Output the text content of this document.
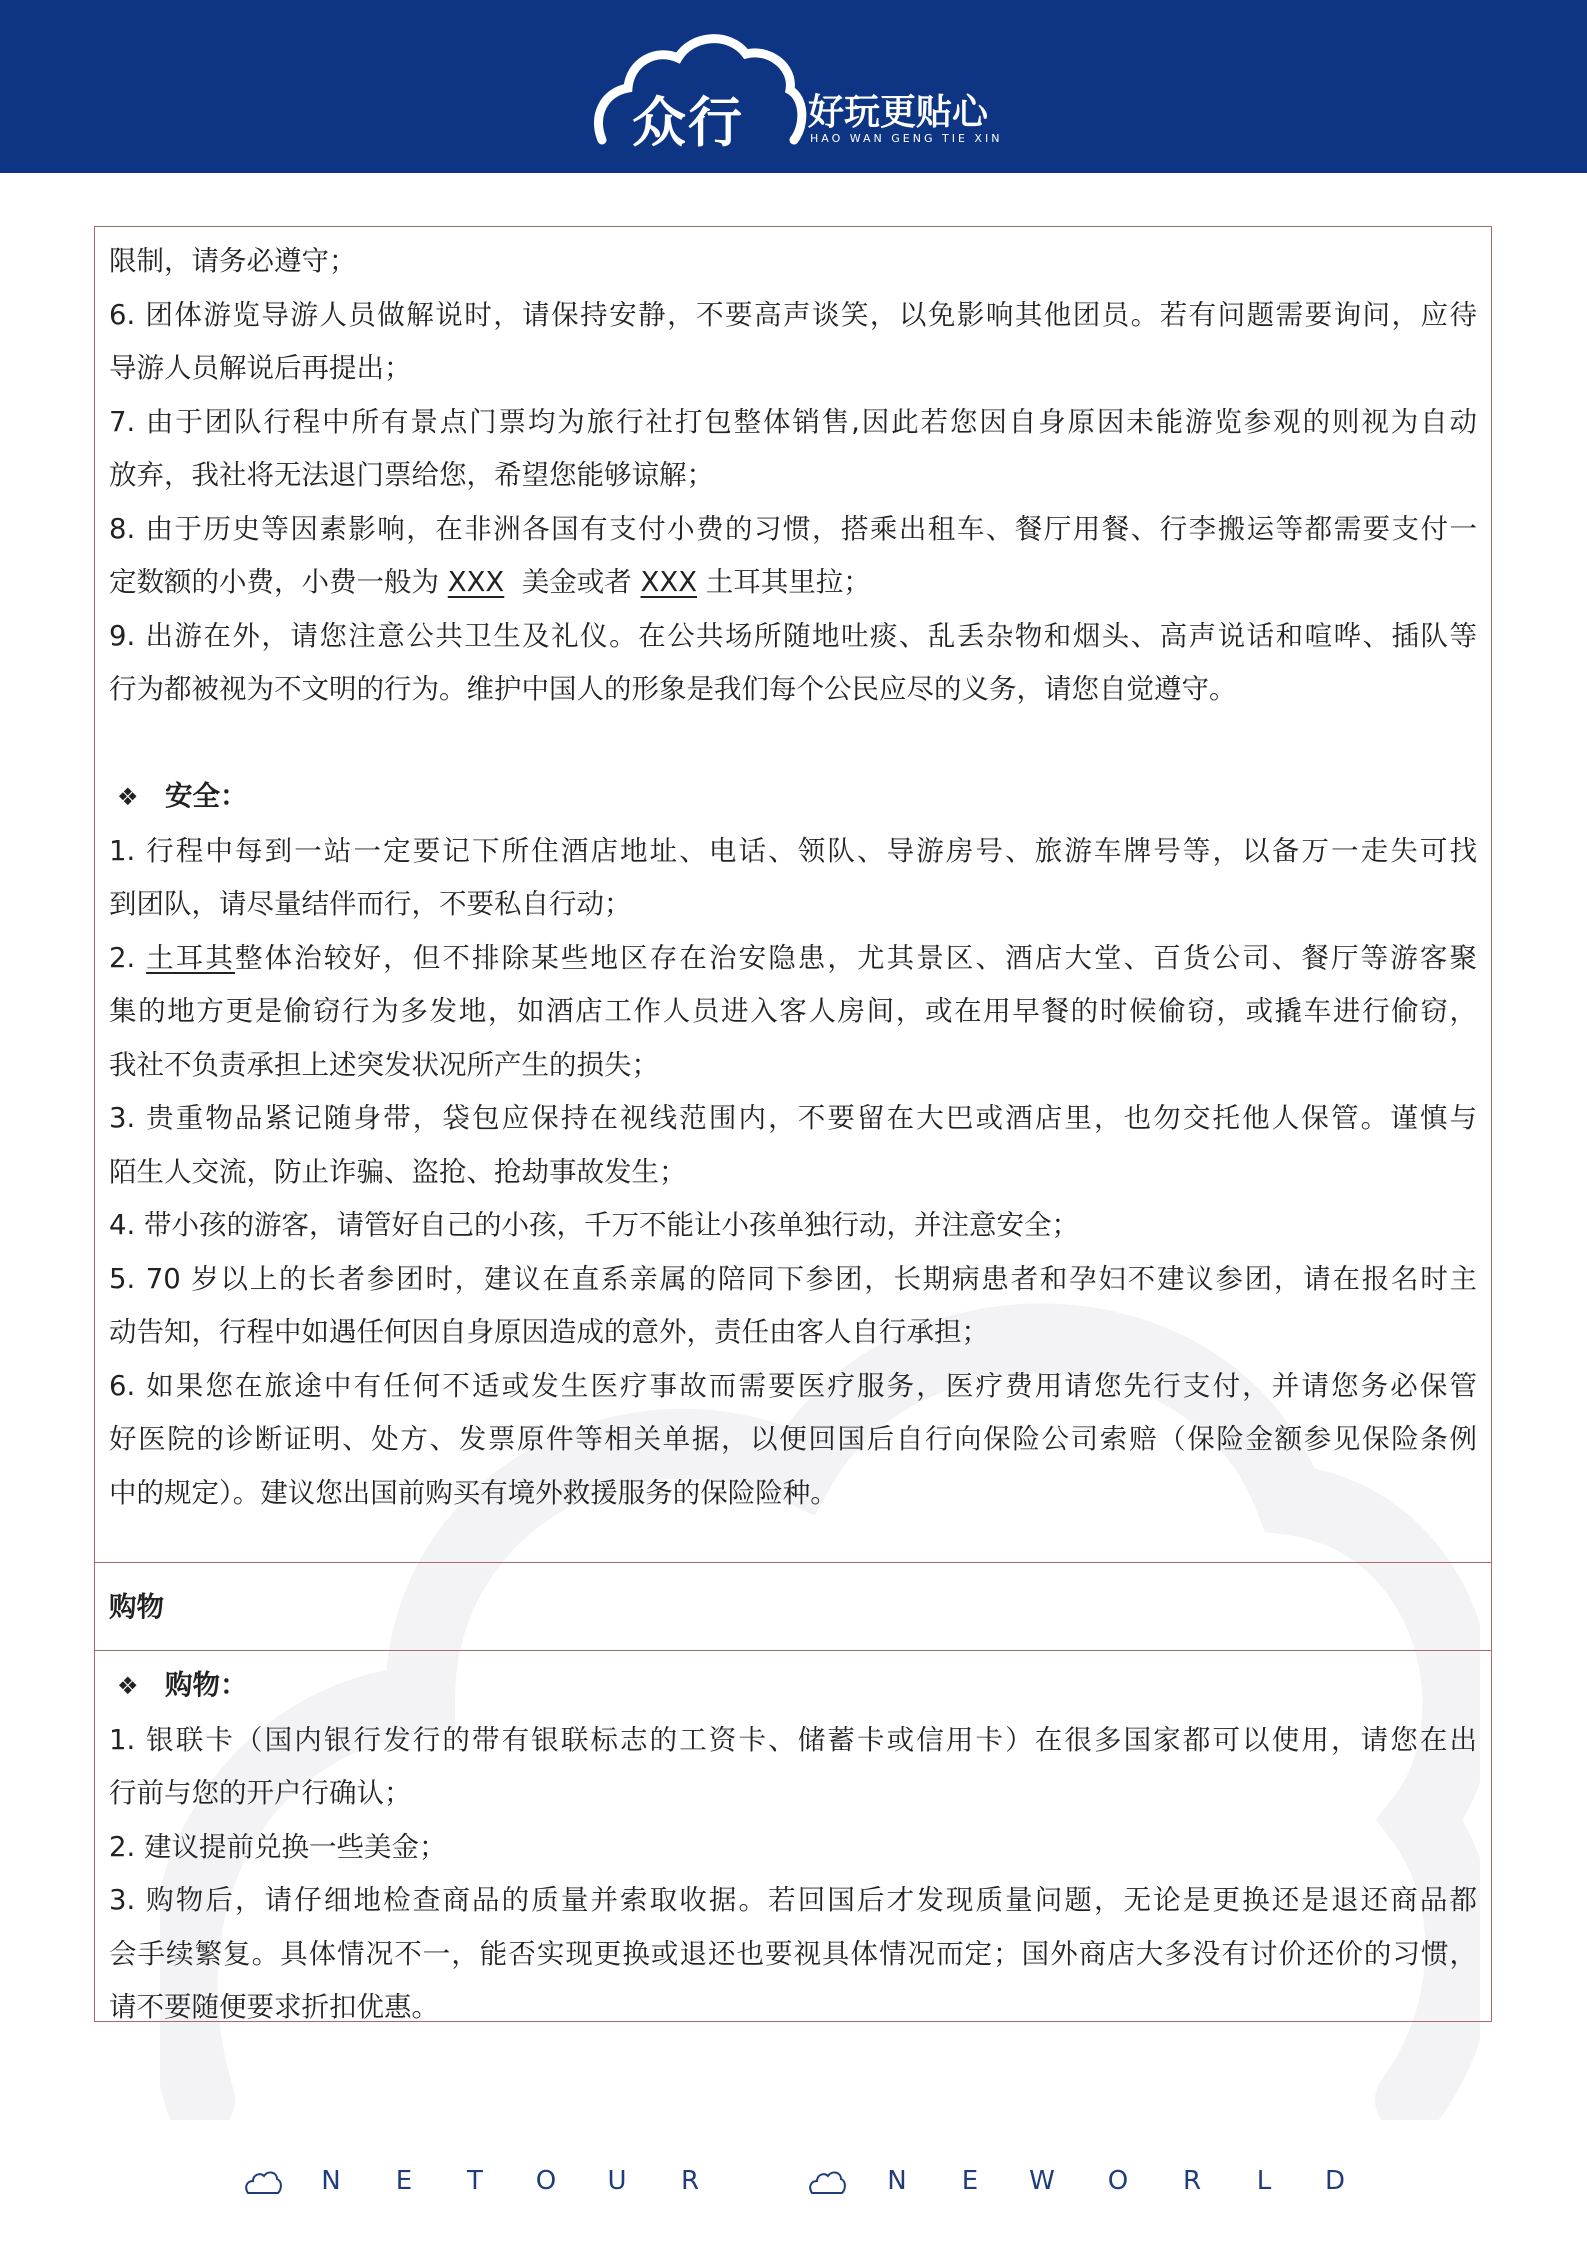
众行 好玩更贴心
HAO WAN GENG TIE XIN
限制，请务必遵守；
6. 团体游览导游人员做解说时，请保持安静，不要高声谈笑，以免影响其他团员。若有问题需要询问，应待
导游人员解说后再提出；
7. 由于团队行程中所有景点门票均为旅行社打包整体销售,因此若您因自身原因未能游览参观的则视为自动
放弃，我社将无法退门票给您，希望您能够谅解；
8. 由于历史等因素影响，在非洲各国有支付小费的习惯，搭乘出租车、餐厅用餐、行李搬运等都需要支付一
定数额的小费，小费一般为 XXX  美金或者 XXX 土耳其里拉；
9. 出游在外，请您注意公共卫生及礼仪。在公共场所随地吐痰、乱丢杂物和烟头、高声说话和喧哗、插队等
行为都被视为不文明的行为。维护中国人的形象是我们每个公民应尽的义务，请您自觉遵守。
❖ 安全：
1. 行程中每到一站一定要记下所住酒店地址、电话、领队、导游房号、旅游车牌号等，以备万一走失可找
到团队，请尽量结伴而行，不要私自行动；
2. 土耳其整体治较好，但不排除某些地区存在治安隐患，尤其景区、酒店大堂、百货公司、餐厅等游客聚
集的地方更是偷窃行为多发地，如酒店工作人员进入客人房间，或在用早餐的时候偷窃，或撬车进行偷窃，
我社不负责承担上述突发状况所产生的损失；
3. 贵重物品紧记随身带，袋包应保持在视线范围内，不要留在大巴或酒店里，也勿交托他人保管。谨慎与
陌生人交流，防止诈骗、盗抢、抢劫事故发生；
4. 带小孩的游客，请管好自己的小孩，千万不能让小孩单独行动，并注意安全；
5. 70 岁以上的长者参团时，建议在直系亲属的陪同下参团，长期病患者和孕妇不建议参团，请在报名时主
动告知，行程中如遇任何因自身原因造成的意外，责任由客人自行承担；
6. 如果您在旅途中有任何不适或发生医疗事故而需要医疗服务，医疗费用请您先行支付，并请您务必保管
好医院的诊断证明、处方、发票原件等相关单据，以便回国后自行向保险公司索赔（保险金额参见保险条例
中的规定）。建议您出国前购买有境外救援服务的保险险种。
购物
❖ 购物：
1. 银联卡（国内银行发行的带有银联标志的工资卡、储蓄卡或信用卡）在很多国家都可以使用，请您在出
行前与您的开户行确认；
2. 建议提前兑换一些美金；
3. 购物后，请仔细地检查商品的质量并索取收据。若回国后才发现质量问题，无论是更换还是退还商品都
会手续繁复。具体情况不一，能否实现更换或退还也要视具体情况而定；国外商店大多没有讨价还价的习惯，
请不要随便要求折扣优惠。
N E T O U R	N E W O R L D
